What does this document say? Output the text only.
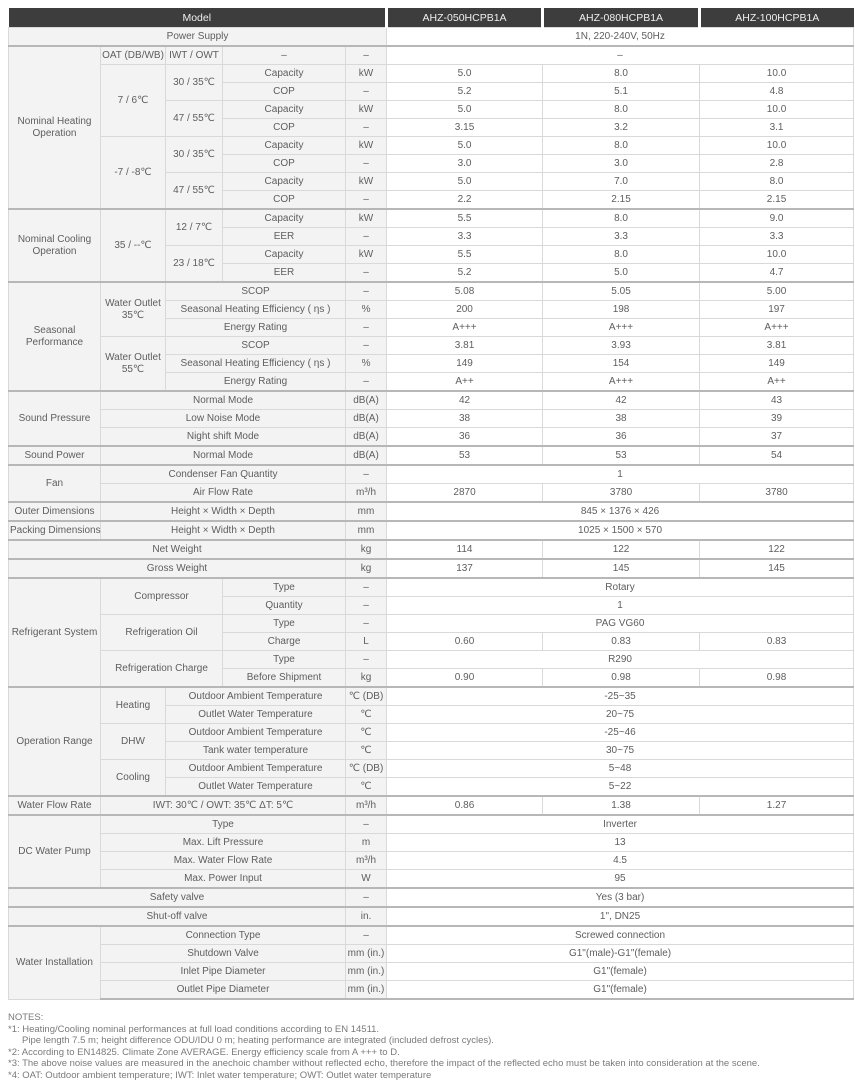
Model					AHZ-050HCPB1A	AHZ-080HCPB1A	AHZ-100HCPB1A
Power Supply					1N, 220-240V, 50Hz		
Nominal Heating Operation	OAT (DB/WB)	IWT / OWT	–	–	–		
	7 / 6℃	30 / 35℃	Capacity	kW	5.0	8.0	10.0
			COP	–	5.2	5.1	4.8
		47 / 55℃	Capacity	kW	5.0	8.0	10.0
			COP	–	3.15	3.2	3.1
	-7 / -8℃	30 / 35℃	Capacity	kW	5.0	8.0	10.0
			COP	–	3.0	3.0	2.8
		47 / 55℃	Capacity	kW	5.0	7.0	8.0
			COP	–	2.2	2.15	2.15
Nominal Cooling Operation	35 / --℃	12 / 7℃	Capacity	kW	5.5	8.0	9.0
			EER	–	3.3	3.3	3.3
		23 / 18℃	Capacity	kW	5.5	8.0	10.0
			EER	–	5.2	5.0	4.7
Seasonal Performance	Water Outlet 35℃	SCOP		–	5.08	5.05	5.00
		Seasonal Heating Efficiency ( ηs )		%	200	198	197
		Energy Rating		–	A+++	A+++	A+++
	Water Outlet 55℃	SCOP		–	3.81	3.93	3.81
		Seasonal Heating Efficiency ( ηs )		%	149	154	149
		Energy Rating		–	A++	A+++	A++
Sound Pressure	Normal Mode			dB(A)	42	42	43
	Low Noise Mode			dB(A)	38	38	39
	Night shift Mode			dB(A)	36	36	37
Sound Power	Normal Mode			dB(A)	53	53	54
Fan	Condenser Fan Quantity			–	1		
	Air Flow Rate			m³/h	2870	3780	3780
Outer Dimensions	Height × Width × Depth			mm	845 × 1376 × 426		
Packing Dimensions	Height × Width × Depth			mm	1025 × 1500 × 570		
Net Weight				kg	114	122	122
Gross Weight				kg	137	145	145
Refrigerant System	Compressor		Type	–	Rotary		
			Quantity	–	1		
	Refrigeration Oil		Type	–	PAG VG60		
			Charge	L	0.60	0.83	0.83
	Refrigeration Charge		Type	–	R290		
			Before Shipment	kg	0.90	0.98	0.98
Operation Range	Heating	Outdoor Ambient Temperature		℃ (DB)	-25~35		
		Outlet Water Temperature		℃	20~75		
	DHW	Outdoor Ambient Temperature		℃	-25~46		
		Tank water temperature		℃	30~75		
	Cooling	Outdoor Ambient Temperature		℃ (DB)	5~48		
		Outlet Water Temperature		℃	5~22		
Water Flow Rate	IWT: 30℃ / OWT: 35℃ ΔT: 5℃			m³/h	0.86	1.38	1.27
DC Water Pump	Type			–	Inverter		
	Max. Lift Pressure			m	13		
	Max. Water Flow Rate			m³/h	4.5		
	Max. Power Input			W	95		
Safety valve				–	Yes (3 bar)		
Shut-off valve				in.	1", DN25		
Water Installation	Connection Type			–	Screwed connection		
	Shutdown Valve			mm (in.)	G1"(male)-G1"(female)		
	Inlet Pipe Diameter			mm (in.)	G1"(female)		
	Outlet Pipe Diameter			mm (in.)	G1"(female)		
NOTES:
*1: Heating/Cooling nominal performances at full load conditions according to EN 14511.
Pipe length 7.5 m; height difference ODU/IDU 0 m; heating performance are integrated (included defrost cycles).
*2: According to EN14825. Climate Zone AVERAGE. Energy efficiency scale from A +++ to D.
*3: The above noise values are measured in the anechoic chamber without reflected echo, therefore the impact of the reflected echo must be taken into consideration at the scene.
*4: OAT: Outdoor ambient temperature; IWT: Inlet water temperature; OWT: Outlet water temperature
